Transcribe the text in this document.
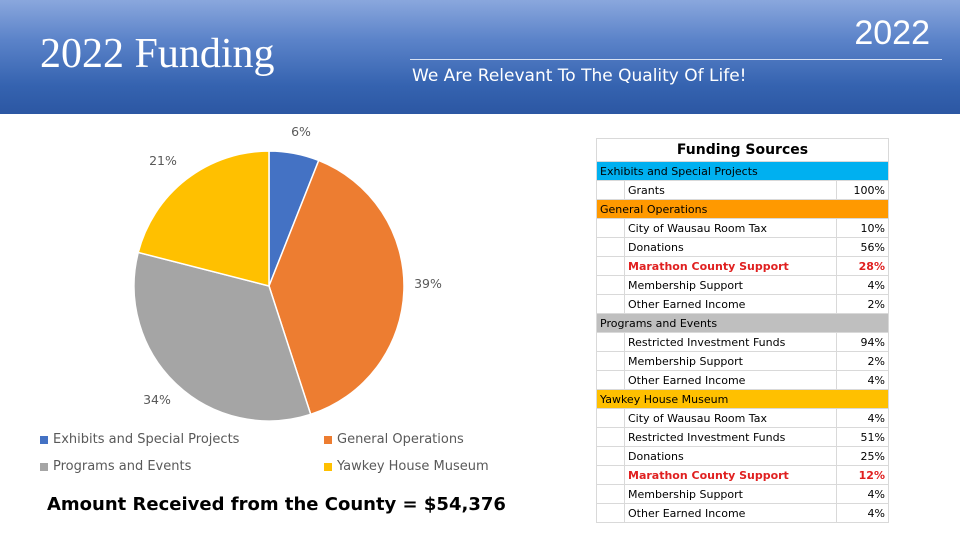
2022 Funding	2022
We Are Relevant To The Quality Of Life!
6%
39%
34%
21%
Exhibits and Special Projects	General Operations
Programs and Events	Yawkey House Museum
Amount Received from the County = $54,376
Funding Sources		
Exhibits and Special Projects		
	Grants	100%
General Operations		
	City of Wausau Room Tax	10%
	Donations	56%
	Marathon County Support	28%
	Membership Support	4%
	Other Earned Income	2%
Programs and Events		
	Restricted Investment Funds	94%
	Membership Support	2%
	Other Earned Income	4%
Yawkey House Museum		
	City of Wausau Room Tax	4%
	Restricted Investment Funds	51%
	Donations	25%
	Marathon County Support	12%
	Membership Support	4%
	Other Earned Income	4%
